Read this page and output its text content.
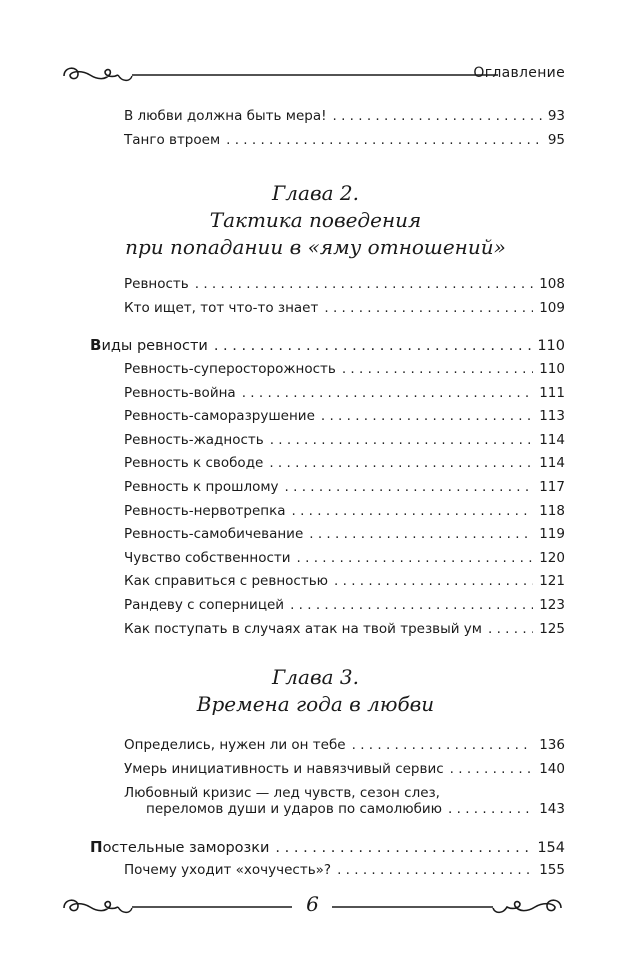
Оглавление
В любви должна быть мера! . . .	93
Танго втроем . . .	95
Глава 2.
Тактика поведения
при попадании в «яму отношений»
Ревность . . .	108
Кто ищет, тот что-то знает . . .	109
Виды ревности . . .	110
Ревность-суперосторожность . . .	110
Ревность-война . . .	111
Ревность-саморазрушение . . .	113
Ревность-жадность . . .	114
Ревность к свободе . . .	114
Ревность к прошлому . . .	117
Ревность-нервотрепка . . .	118
Ревность-самобичевание . . .	119
Чувство собственности . . .	120
Как справиться с ревностью . . .	121
Рандеву с соперницей . . .	123
Как поступать в случаях атак на твой трезвый ум . . .	125
Глава 3.
Времена года в любви
Определись, нужен ли он тебе . . .	136
Умерь инициативность и навязчивый сервис . . .	140
Любовный кризис — лед чувств, сезон слез,
переломов души и ударов по самолюбию . . .	143
Постельные заморозки . . .	154
Почему уходит «хочучесть»? . . .	155
6
